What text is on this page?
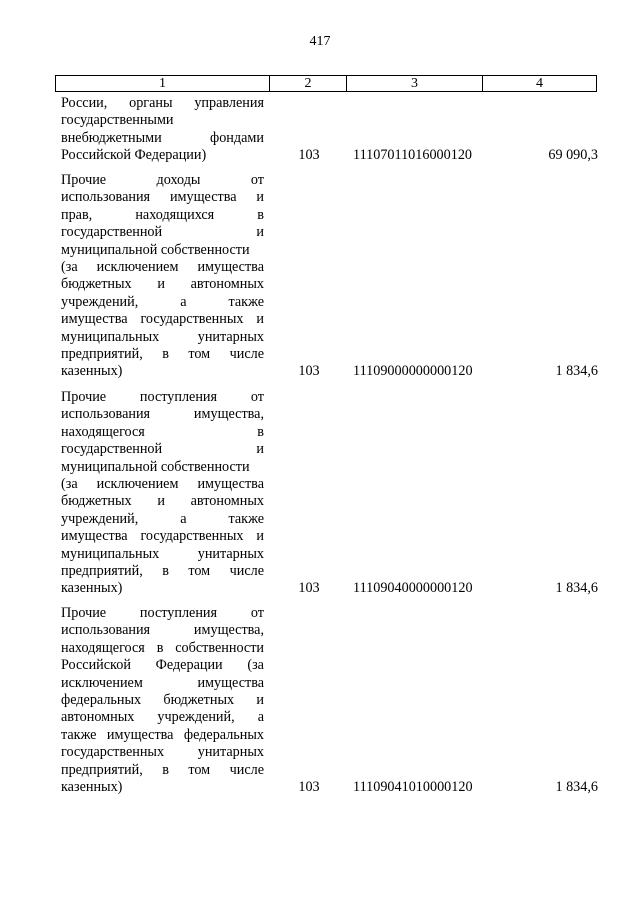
417
1	2	3	4
России, органы управления
государственными
внебюджетными фондами
Российской Федерации)	103 11107011016000120	69 090,3
Прочие доходы от
использования имущества и
прав, находящихся в
государственной и
муниципальной собственности
(за исключением имущества
бюджетных и автономных
учреждений, а также
имущества государственных и
муниципальных унитарных
предприятий, в том числе
казенных)	103 11109000000000120	1 834,6
Прочие поступления от
использования имущества,
находящегося в
государственной и
муниципальной собственности
(за исключением имущества
бюджетных и автономных
учреждений, а также
имущества государственных и
муниципальных унитарных
предприятий, в том числе
казенных)	103 11109040000000120	1 834,6
Прочие поступления от
использования имущества,
находящегося в собственности
Российской Федерации (за
исключением имущества
федеральных бюджетных и
автономных учреждений, а
также имущества федеральных
государственных унитарных
предприятий, в том числе
казенных)	103 11109041010000120	1 834,6
